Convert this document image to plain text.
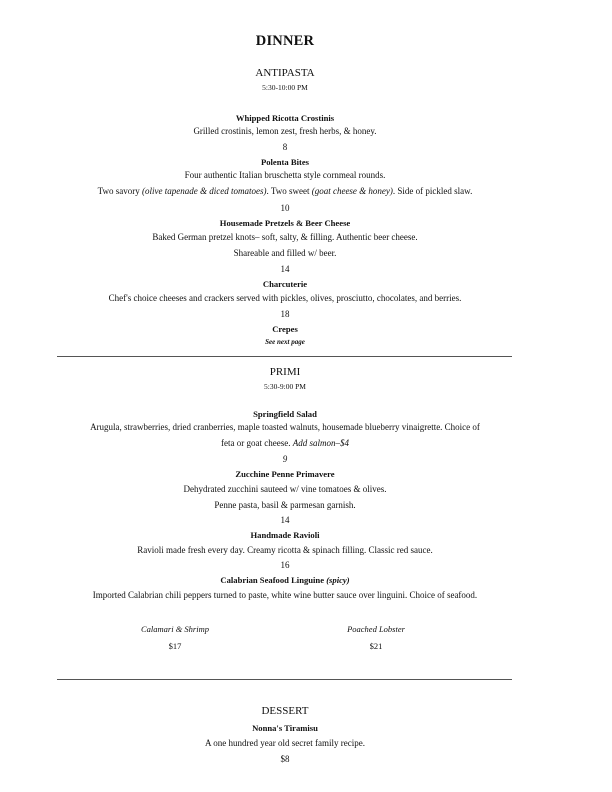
DINNER
ANTIPASTA
5:30-10:00 PM
Whipped Ricotta Crostinis
Grilled crostinis, lemon zest, fresh herbs, & honey.
8
Polenta Bites
Four authentic Italian bruschetta style cornmeal rounds.
Two savory (olive tapenade & diced tomatoes). Two sweet (goat cheese & honey). Side of pickled slaw.
10
Housemade Pretzels & Beer Cheese
Baked German pretzel knots– soft, salty, & filling. Authentic beer cheese.
Shareable and filled w/ beer.
14
Charcuterie
Chef's choice cheeses and crackers served with pickles, olives, prosciutto, chocolates, and berries.
18
Crepes
See next page
PRIMI
5:30-9:00 PM
Springfield Salad
Arugula, strawberries, dried cranberries, maple toasted walnuts, housemade blueberry vinaigrette. Choice of
feta or goat cheese. Add salmon–$4
9
Zucchine Penne Primavere
Dehydrated zucchini sauteed w/ vine tomatoes & olives.
Penne pasta, basil & parmesan garnish.
14
Handmade Ravioli
Ravioli made fresh every day. Creamy ricotta & spinach filling. Classic red sauce.
16
Calabrian Seafood Linguine (spicy)
Imported Calabrian chili peppers turned to paste, white wine butter sauce over linguini. Choice of seafood.
Calamari & Shrimp
$17
Poached Lobster
$21
DESSERT
Nonna's Tiramisu
A one hundred year old secret family recipe.
$8
